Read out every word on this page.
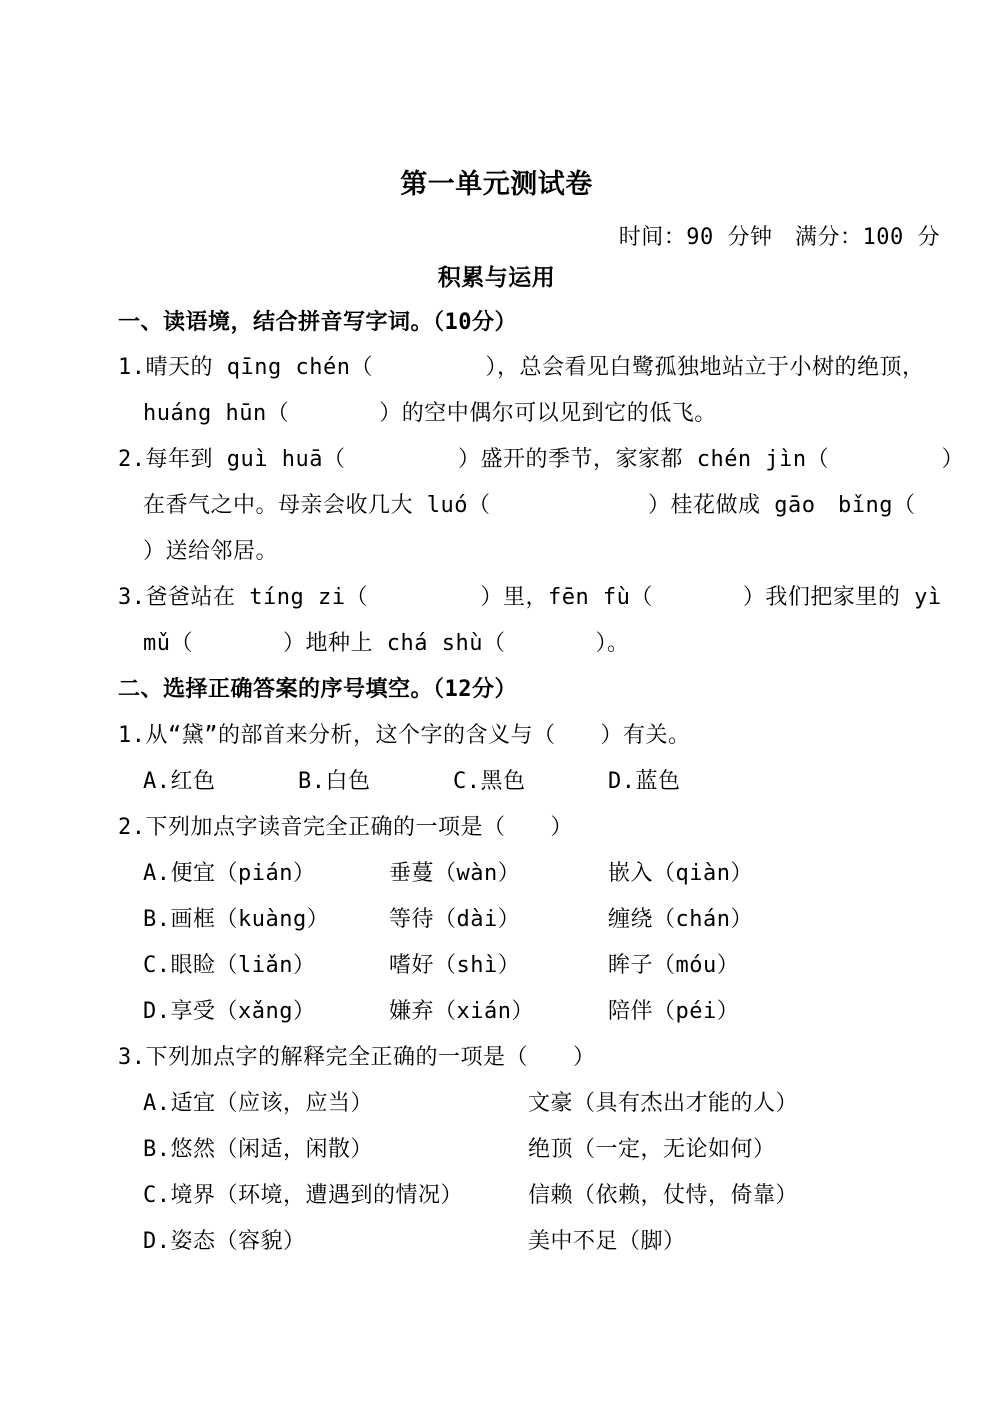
第一单元测试卷
时间：90 分钟　满分：100 分
积累与运用
一、读语境，结合拼音写字词。（10分）
1.晴天的 qīng chén（　　　　　），总会看见白鹭孤独地站立于小树的绝顶，
huáng hūn（　　　　）的空中偶尔可以见到它的低飞。
2.每年到 guì huā（　　　　　）盛开的季节，家家都 chén jìn（　　　　　）
在香气之中。母亲会收几大 luó（　　　　　　　）桂花做成 gāo　bǐng（
）送给邻居。
3.爸爸站在 tíng zi（　　　　　）里，fēn fù（　　　　）我们把家里的 yì
mǔ（　　　　）地种上 chá shù（　　　　）。
二、选择正确答案的序号填空。（12分）
1.从“黛”的部首来分析，这个字的含义与（　　）有关。
A.红色	B.白色	C.黑色	D.蓝色
2.下列加点字读音完全正确的一项是（　　）
A.便宜（pián）	垂蔓（wàn）	嵌入（qiàn）
B.画框（kuàng）	等待（dài）	缠绕（chán）
C.眼睑（liǎn）	嗜好（shì）	眸子（móu）
D.享受（xǎng）	嫌弃（xián）	陪伴（péi）
3.下列加点字的解释完全正确的一项是（　　）
A.适宜（应该，应当）	文豪（具有杰出才能的人）
B.悠然（闲适，闲散）	绝顶（一定，无论如何）
C.境界（环境，遭遇到的情况）	信赖（依赖，仗恃，倚靠）
D.姿态（容貌）	美中不足（脚）
